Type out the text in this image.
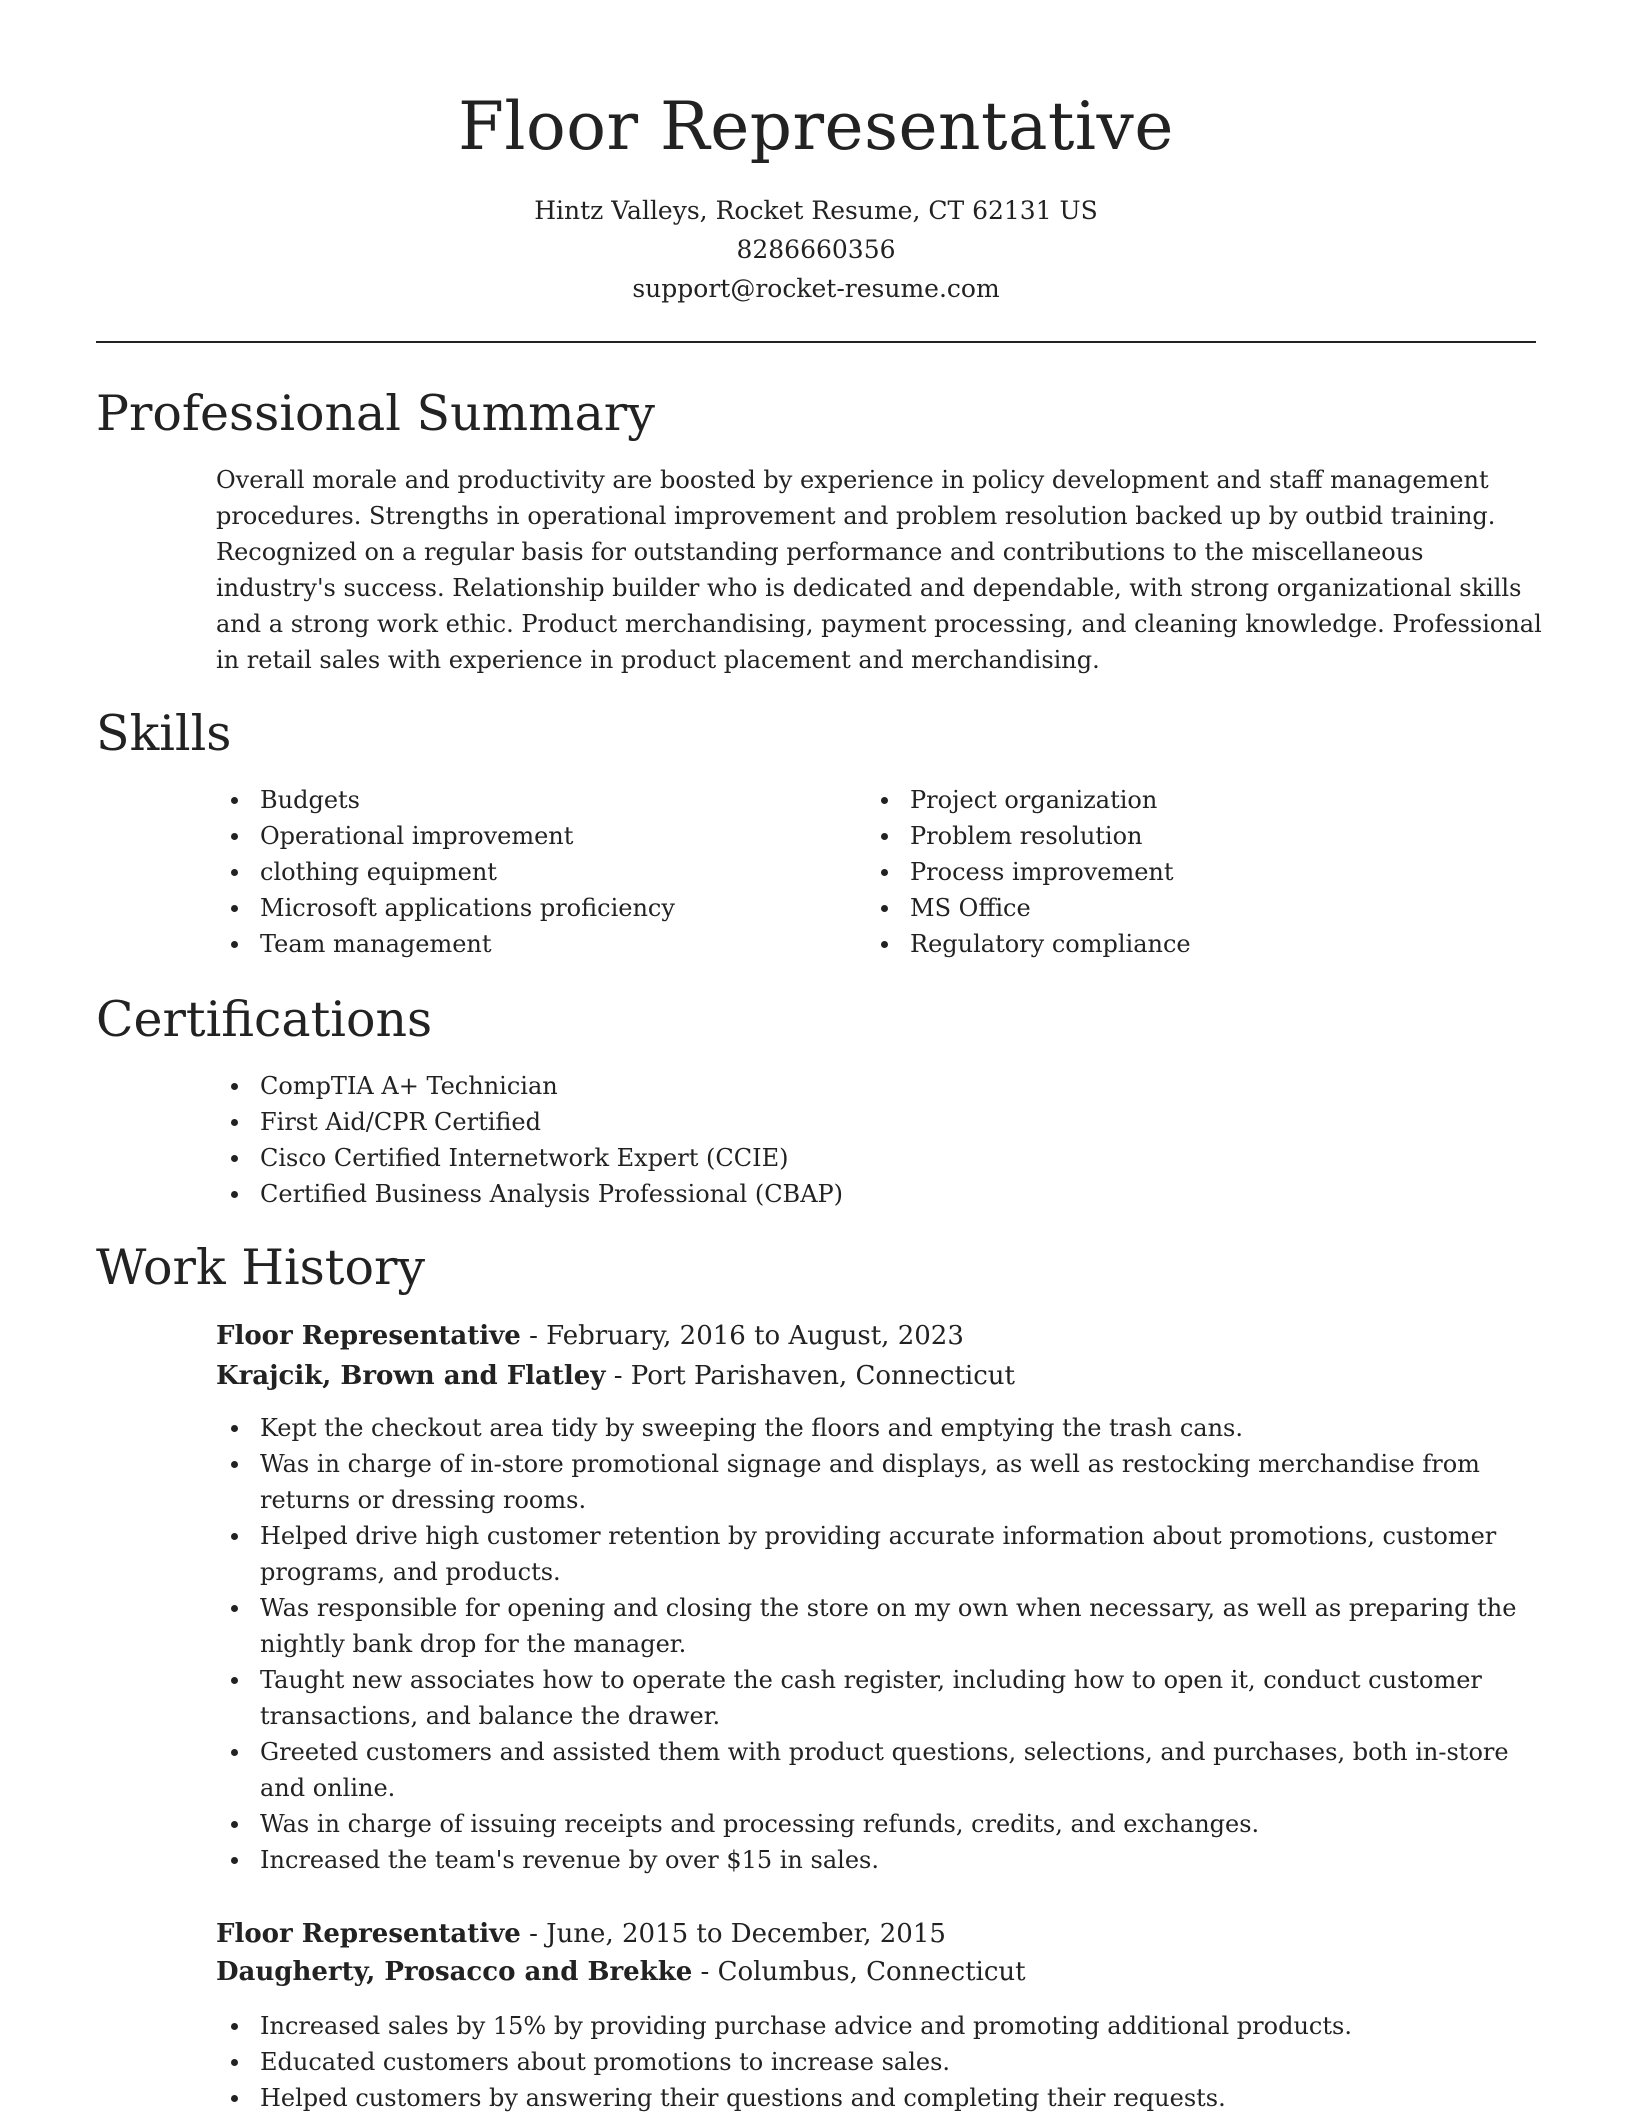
Floor Representative
Hintz Valleys, Rocket Resume, CT 62131 US
8286660356
support@rocket-resume.com
Professional Summary

Overall morale and productivity are boosted by experience in policy development and staff management procedures. Strengths in operational improvement and problem resolution backed up by outbid training. Recognized on a regular basis for outstanding performance and contributions to the miscellaneous industry's success. Relationship builder who is dedicated and dependable, with strong organizational skills and a strong work ethic. Product merchandising, payment processing, and cleaning knowledge. Professional in retail sales with experience in product placement and merchandising.

Skills
Budgets
Operational improvement
clothing equipment
Microsoft applications proficiency
Team management
Project organization
Problem resolution
Process improvement
MS Office
Regulatory compliance
Certifications
CompTIA A+ Technician
First Aid/CPR Certified
Cisco Certified Internetwork Expert (CCIE)
Certified Business Analysis Professional (CBAP)
Work History
Floor Representative - February, 2016 to August, 2023
Krajcik, Brown and Flatley - Port Parishaven, Connecticut
Kept the checkout area tidy by sweeping the floors and emptying the trash cans.
Was in charge of in-store promotional signage and displays, as well as restocking merchandise from returns or dressing rooms.
Helped drive high customer retention by providing accurate information about promotions, customer programs, and products.
Was responsible for opening and closing the store on my own when necessary, as well as preparing the nightly bank drop for the manager.
Taught new associates how to operate the cash register, including how to open it, conduct customer transactions, and balance the drawer.
Greeted customers and assisted them with product questions, selections, and purchases, both in-store and online.
Was in charge of issuing receipts and processing refunds, credits, and exchanges.
Increased the team's revenue by over $15 in sales.
Floor Representative - June, 2015 to December, 2015
Daugherty, Prosacco and Brekke - Columbus, Connecticut
Increased sales by 15% by providing purchase advice and promoting additional products.
Educated customers about promotions to increase sales.
Helped customers by answering their questions and completing their requests.
